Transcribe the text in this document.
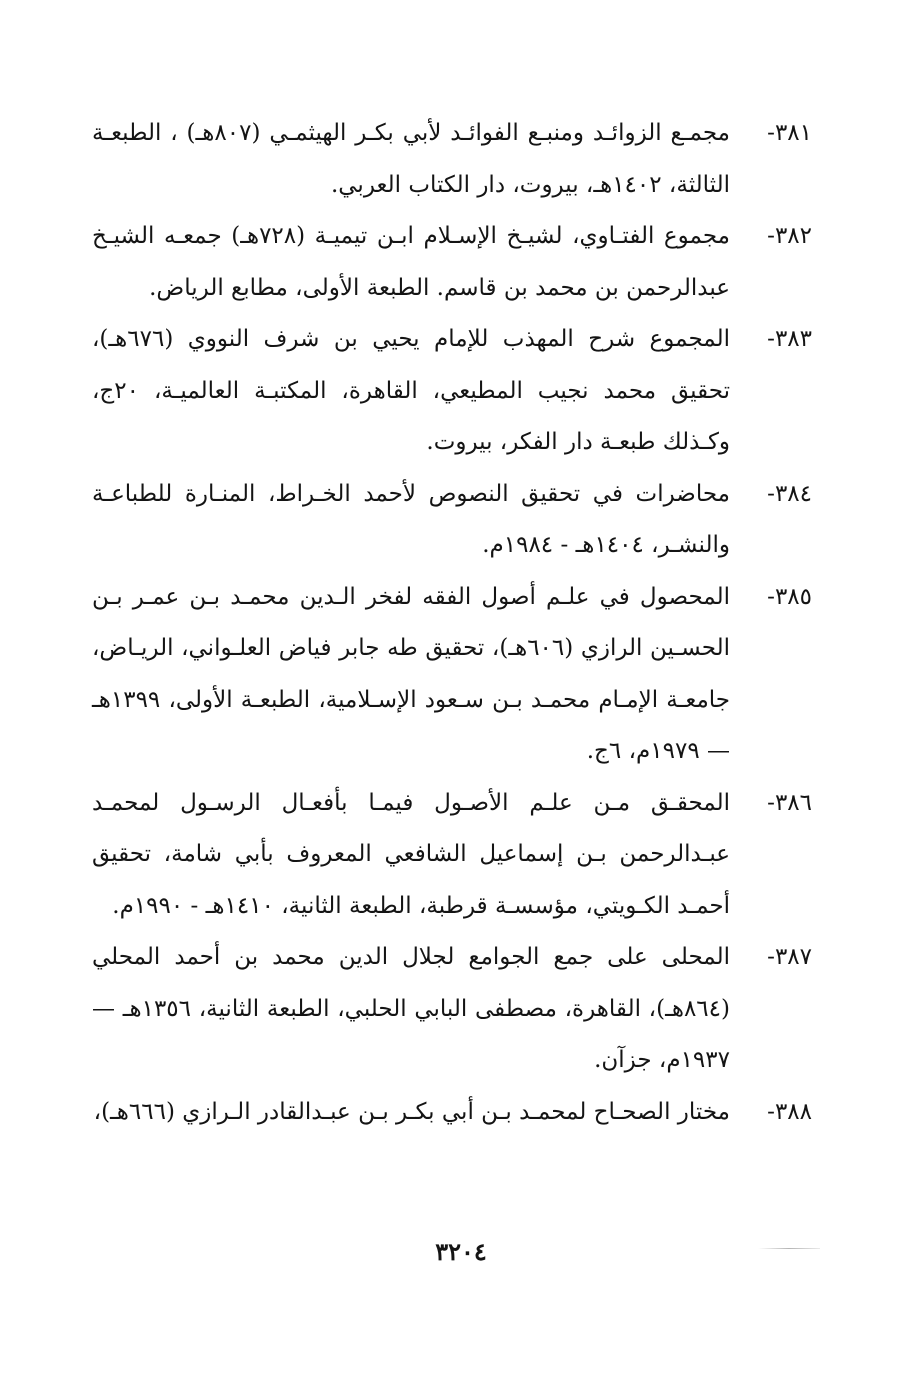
٣٨١-
مجمـع الزوائـد ومنبـع الفوائـد لأبي بكـر الهيثمـي (٨٠٧هـ) ، الطبعـة الثالثة، ١٤٠٢هـ، بيروت، دار الكتاب العربي.
٣٨٢-
مجموع الفتـاوي، لشيـخ الإسـلام ابـن تيميـة (٧٢٨هـ) جمعـه الشيـخ عبدالرحمن بن محمد بن قاسم. الطبعة الأولى، مطابع الرياض.
٣٨٣-
المجموع شرح المهذب للإمام يحيي بن شرف النووي (٦٧٦هـ)، تحقيق محمد نجيب المطيعي، القاهرة، المكتبـة العالميـة، ٢٠ج، وكـذلك طبعـة دار الفكر، بيروت.
٣٨٤-
محاضرات في تحقيق النصوص لأحمد الخـراط، المنـارة للطباعـة والنشـر، ١٤٠٤هـ - ١٩٨٤م.
٣٨٥-
المحصول في علـم أصول الفقه لفخر الـدين محمـد بـن عمـر بـن الحسـين الرازي (٦٠٦هـ)، تحقيق طه جابر فياض العلـواني، الريـاض، جامعـة الإمـام محمـد بـن سـعود الإسـلامية، الطبعـة الأولى، ١٣٩٩هـ — ١٩٧٩م، ٦ج.
٣٨٦-
المحقـق مـن علـم الأصـول فيمـا بأفعـال الرسـول لمحمـد عبـدالرحمن بـن إسماعيل الشافعي المعروف بأبي شامة، تحقيق أحمـد الكـويتي، مؤسسـة قرطبة، الطبعة الثانية، ١٤١٠هـ - ١٩٩٠م.
٣٨٧-
المحلى على جمع الجوامع لجلال الدين محمد بن أحمد المحلي (٨٦٤هـ)، القاهرة، مصطفى البابي الحلبي، الطبعة الثانية، ١٣٥٦هـ — ١٩٣٧م، جزآن.
٣٨٨-
مختار الصحـاح لمحمـد بـن أبي بكـر بـن عبـدالقادر الـرازي (٦٦٦هـ)،
٣٢٠٤
